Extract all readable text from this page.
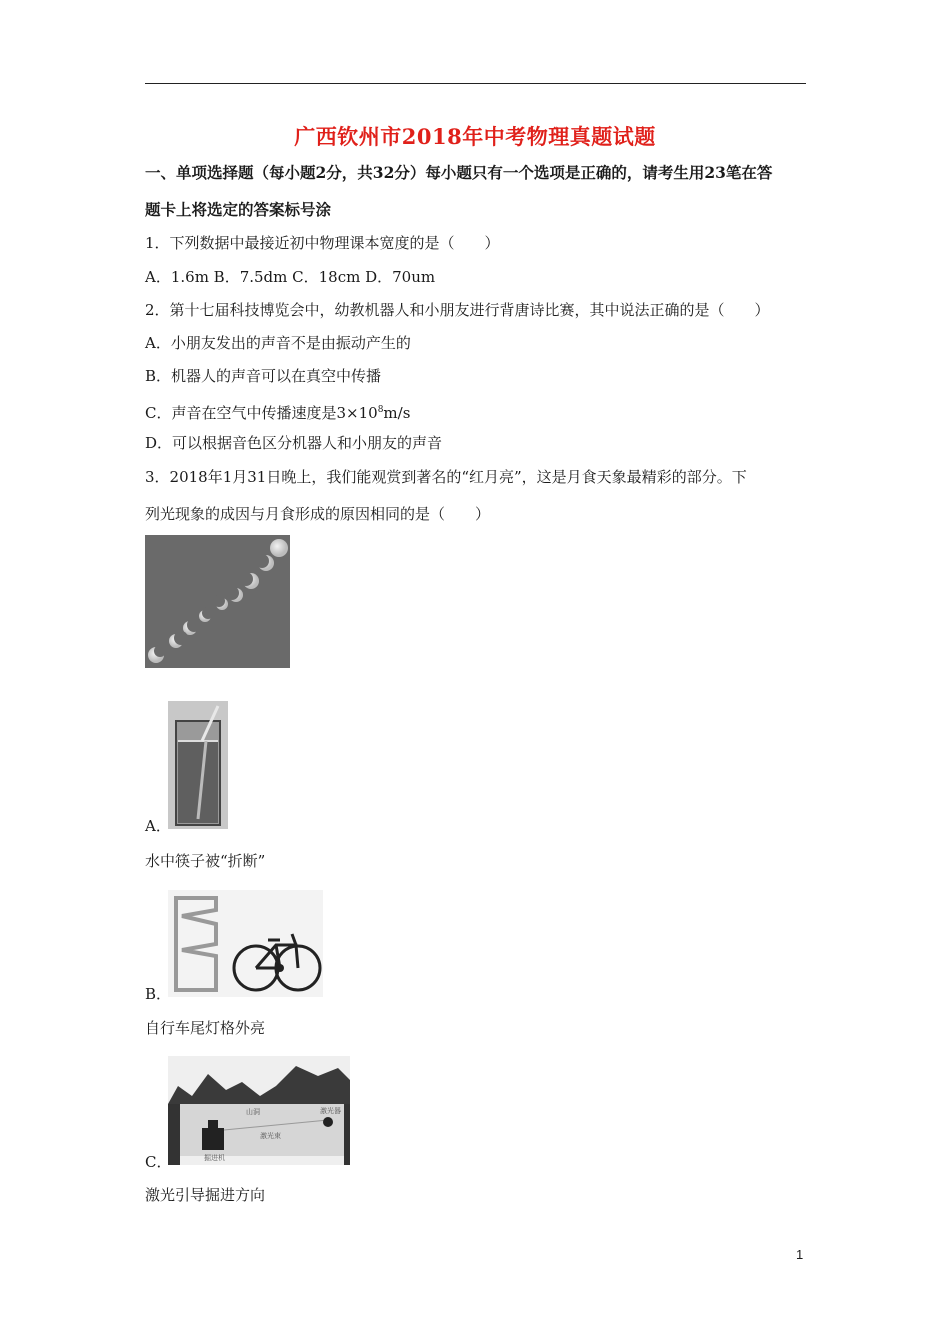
广西钦州市2018年中考物理真题试题
一、单项选择题（每小题2分，共32分）每小题只有一个选项是正确的，请考生用23笔在答
题卡上将选定的答案标号涂
1．下列数据中最接近初中物理课本宽度的是（　　）
A．1.6m B．7.5dm C．18cm D．70um
2．第十七届科技博览会中，幼教机器人和小朋友进行背唐诗比赛，其中说法正确的是（　　）
A．小朋友发出的声音不是由振动产生的
B．机器人的声音可以在真空中传播
C．声音在空气中传播速度是$3\times 10^8m/s$
D．可以根据音色区分机器人和小朋友的声音
3．2018年1月31日晚上，我们能观赏到著名的“红月亮”，这是月食天象最精彩的部分。下
列光现象的成因与月食形成的原因相同的是（　　）
A．
水中筷子被“折断”
B．
自行车尾灯格外亮
山洞	激光器
掘进机
激光束
C．
激光引导掘进方向
1
